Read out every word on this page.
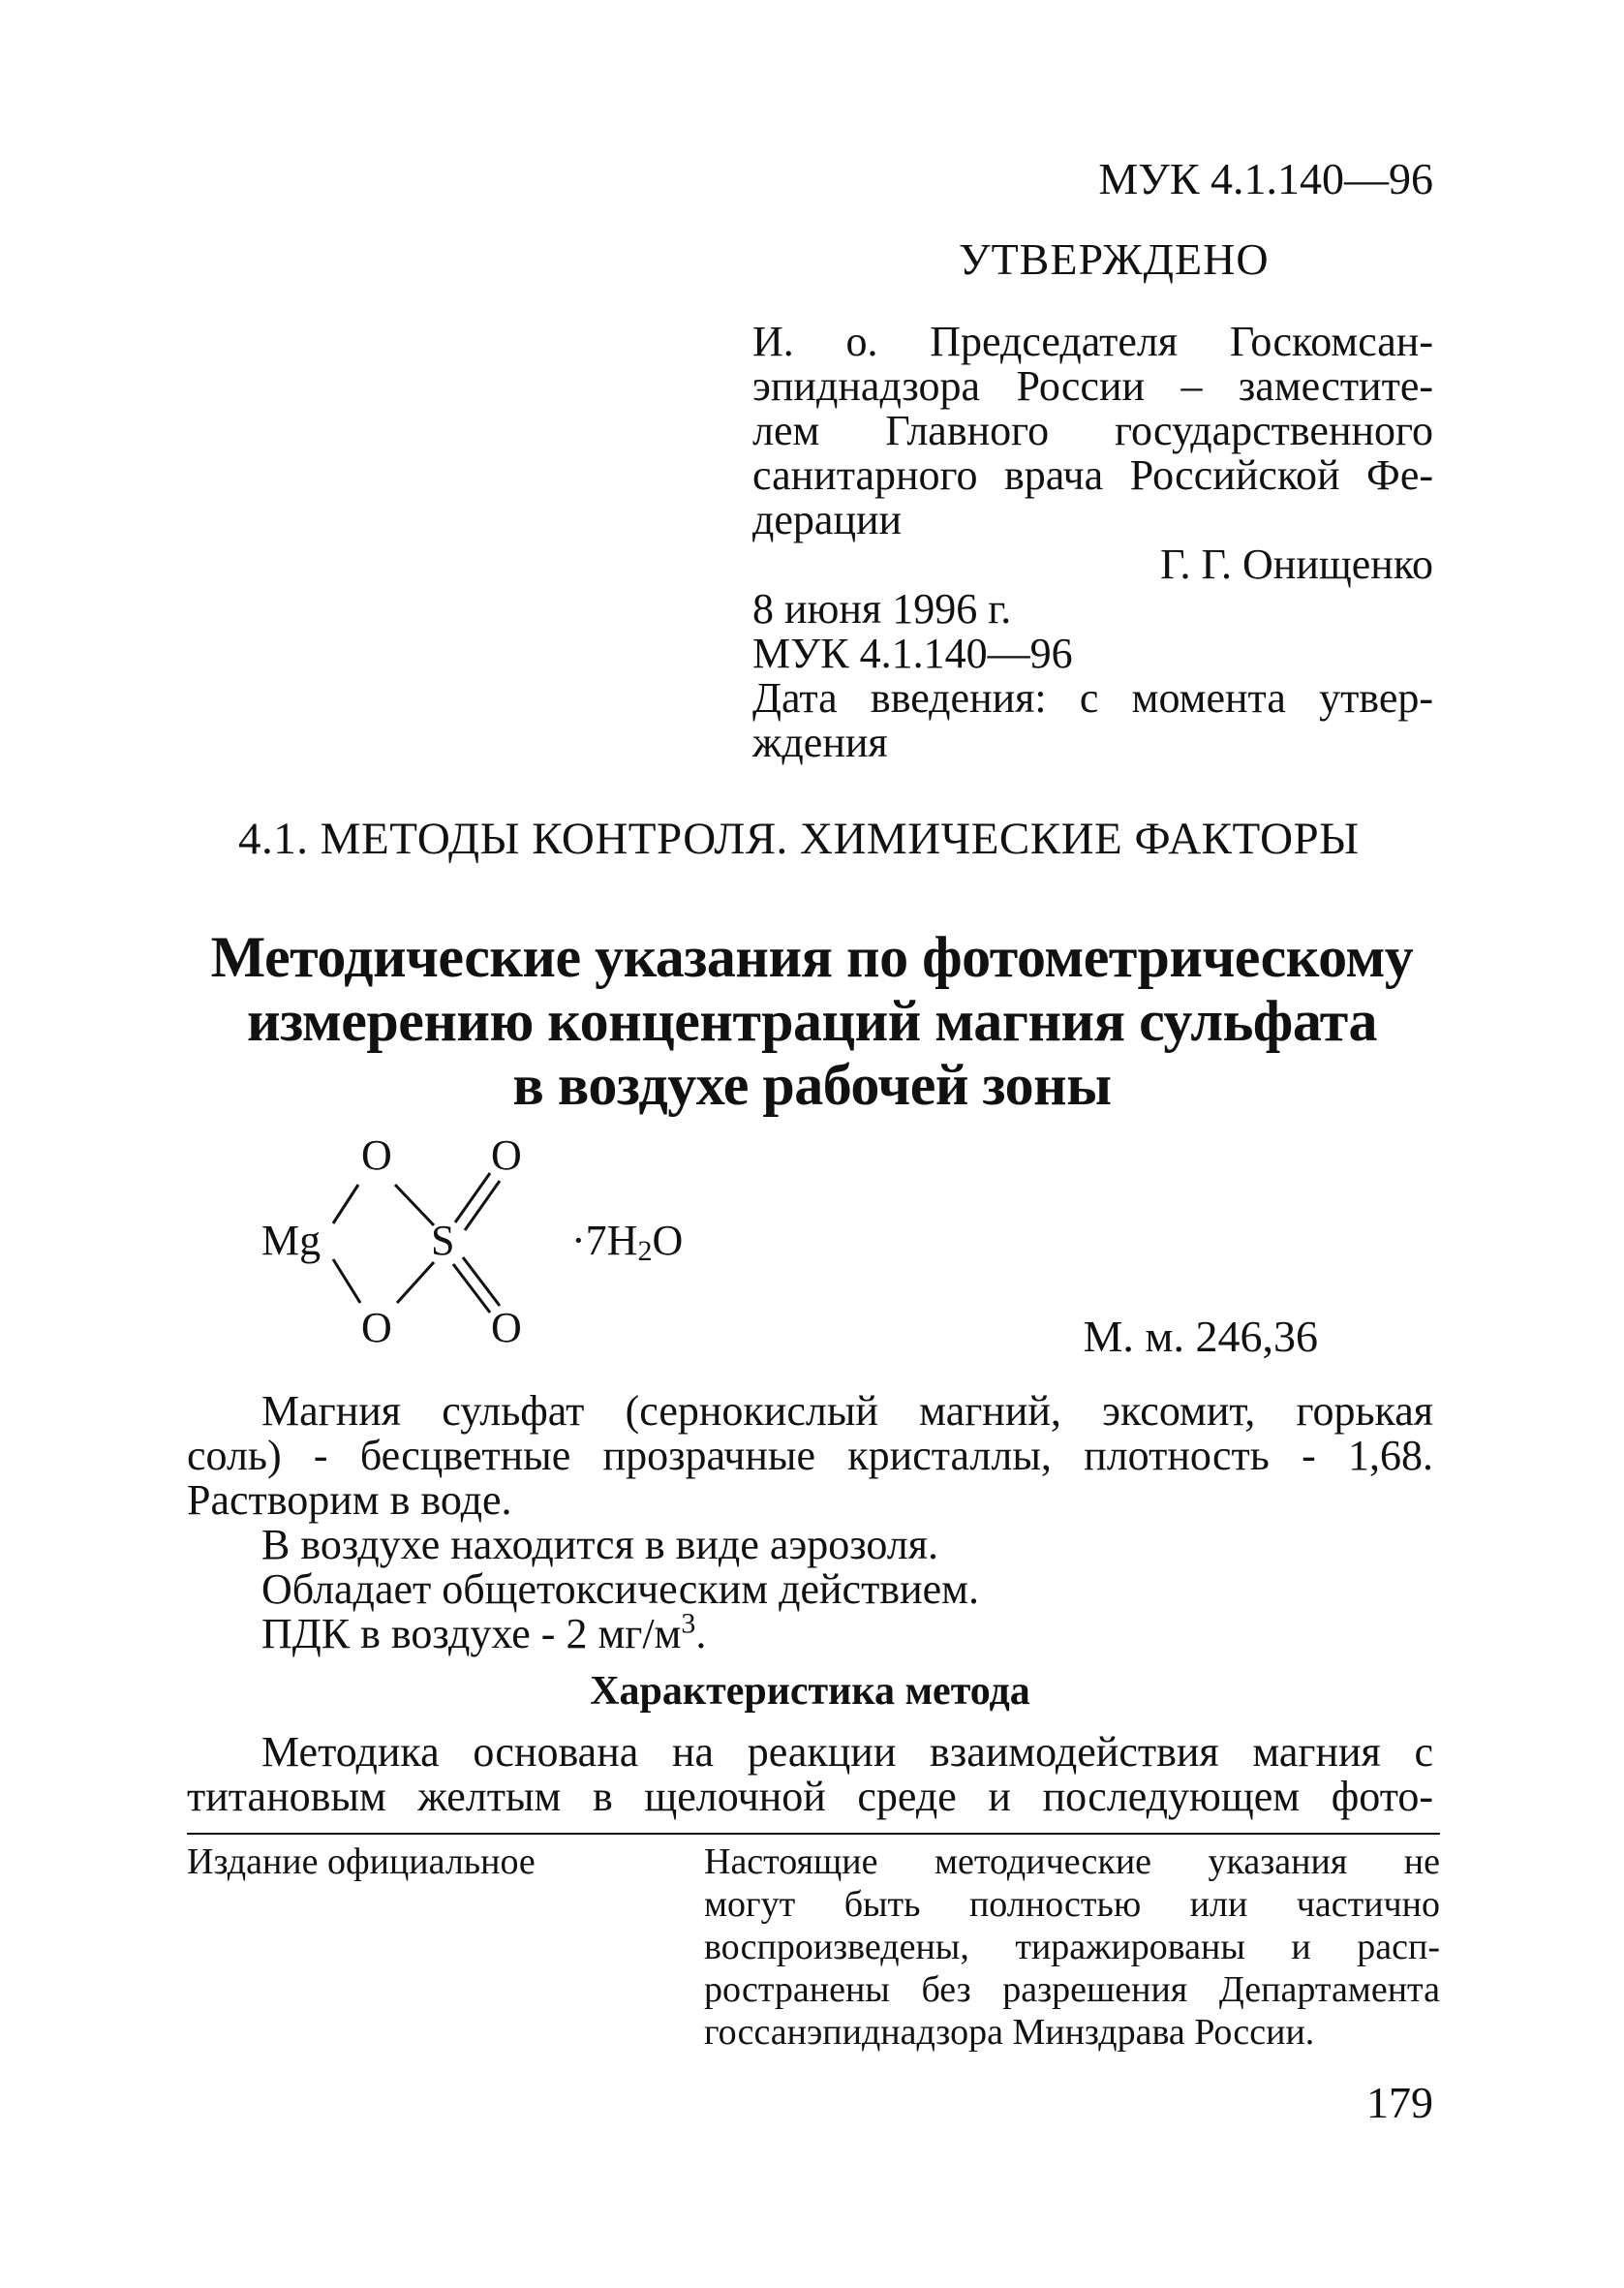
МУК 4.1.140—96
УТВЕРЖДЕНО
И. о. Председателя Госкомсан-
эпиднадзора России – заместите-
лем Главного государственного
санитарного врача Российской Фе-
дерации
Г. Г. Онищенко
8 июня 1996 г.
МУК 4.1.140—96
Дата введения: с момента утвер-
ждения
4.1. МЕТОДЫ КОНТРОЛЯ. ХИМИЧЕСКИЕ ФАКТОРЫ
Методические указания по фотометрическому
измерению концентраций магния сульфата
в воздухе рабочей зоны
Mg
O O
S
O O
·7H2O
М. м. 246,36
Магния сульфат (сернокислый магний, эксомит, горькая
соль) - бесцветные прозрачные кристаллы, плотность - 1,68.
Растворим в воде.
В воздухе находится в виде аэрозоля.
Обладает общетоксическим действием.
ПДК в воздухе - 2 $мг/м^3$.
Характеристика метода
Методика основана на реакции взаимодействия магния с
титановым желтым в щелочной среде и последующем фото-
Издание официальное	Настоящие методические указания не
могут быть полностью или частично
воспроизведены, тиражированы и расп-
ространены без разрешения Департамента
госсанэпиднадзора Минздрава России.
179
